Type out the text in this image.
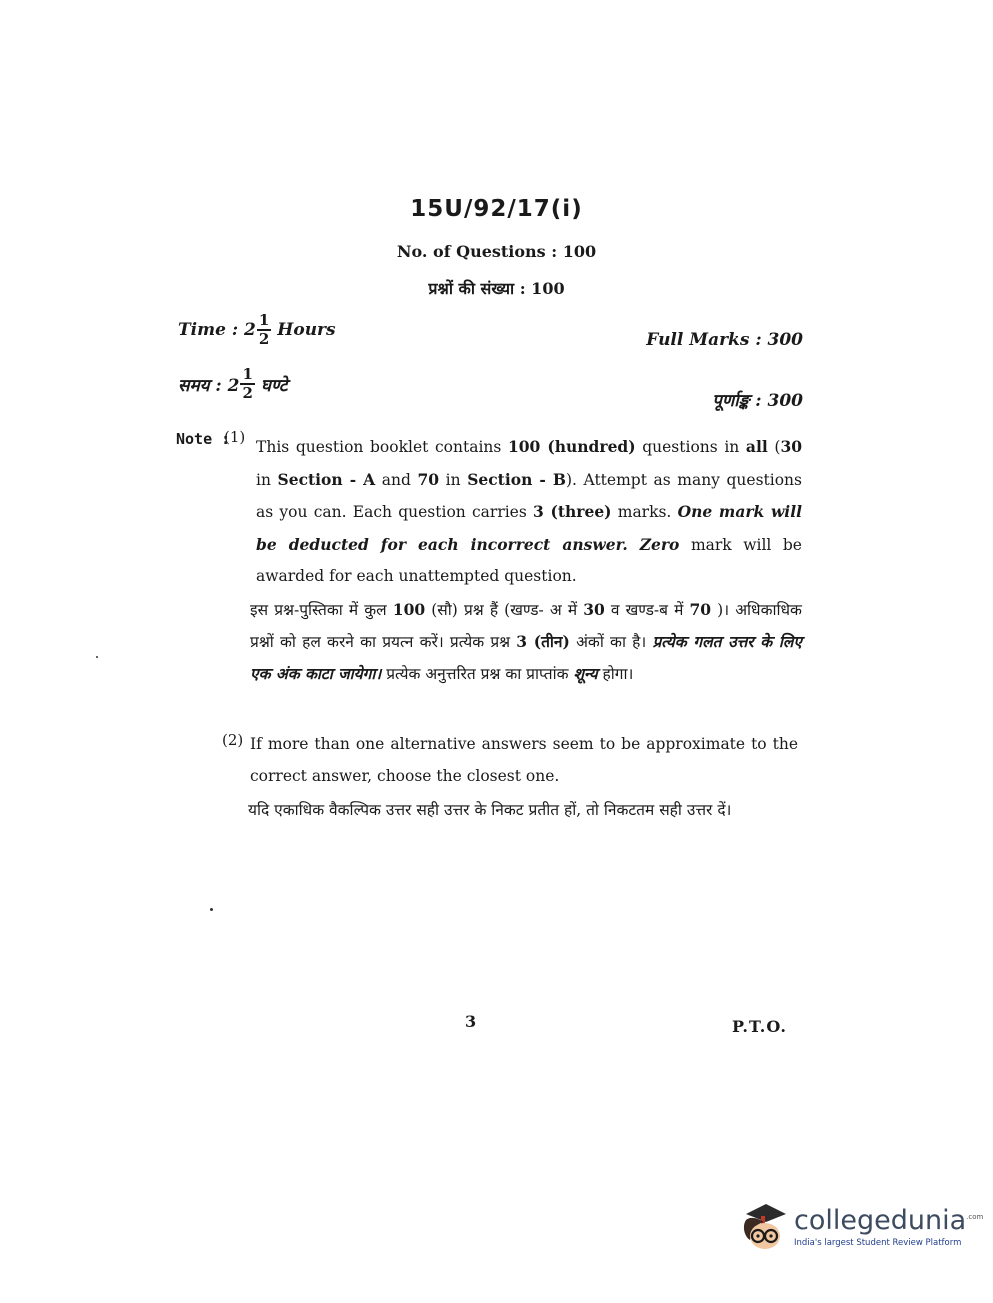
15U/92/17(i)
No. of Questions : 100
प्रश्नों की संख्या : 100
Time : $2 \frac{1}{2}$ Hours	Full Marks : 300
समय : $2 \frac{1}{2}$ घण्टे
पूर्णाङ्क : 300
Note :
(1)
This question booklet contains 100 (hundred) questions in all (30 in Section - A and 70 in Section - B). Attempt as many questions as you can. Each question carries 3 (three) marks. One mark will be deducted for each incorrect answer. Zero mark will be awarded for each unattempted question.
इस प्रश्न-पुस्तिका में कुल 100 (सौ) प्रश्न हैं (खण्ड- अ में 30 व खण्ड-ब में 70 )। अधिकाधिक प्रश्नों को हल करने का प्रयत्न करें। प्रत्येक प्रश्न 3 (तीन) अंकों का है। प्रत्येक गलत उत्तर के लिए एक अंक काटा जायेगा। प्रत्येक अनुत्तरित प्रश्न का प्राप्तांक शून्य होगा।
(2) If more than one alternative answers seem to be approximate to the correct answer, choose the closest one.
यदि एकाधिक वैकल्पिक उत्तर सही उत्तर के निकट प्रतीत हों, तो निकटतम सही उत्तर दें।
3	P.T.O.
collegedunia$^{.com}$
India's largest Student Review Platform
